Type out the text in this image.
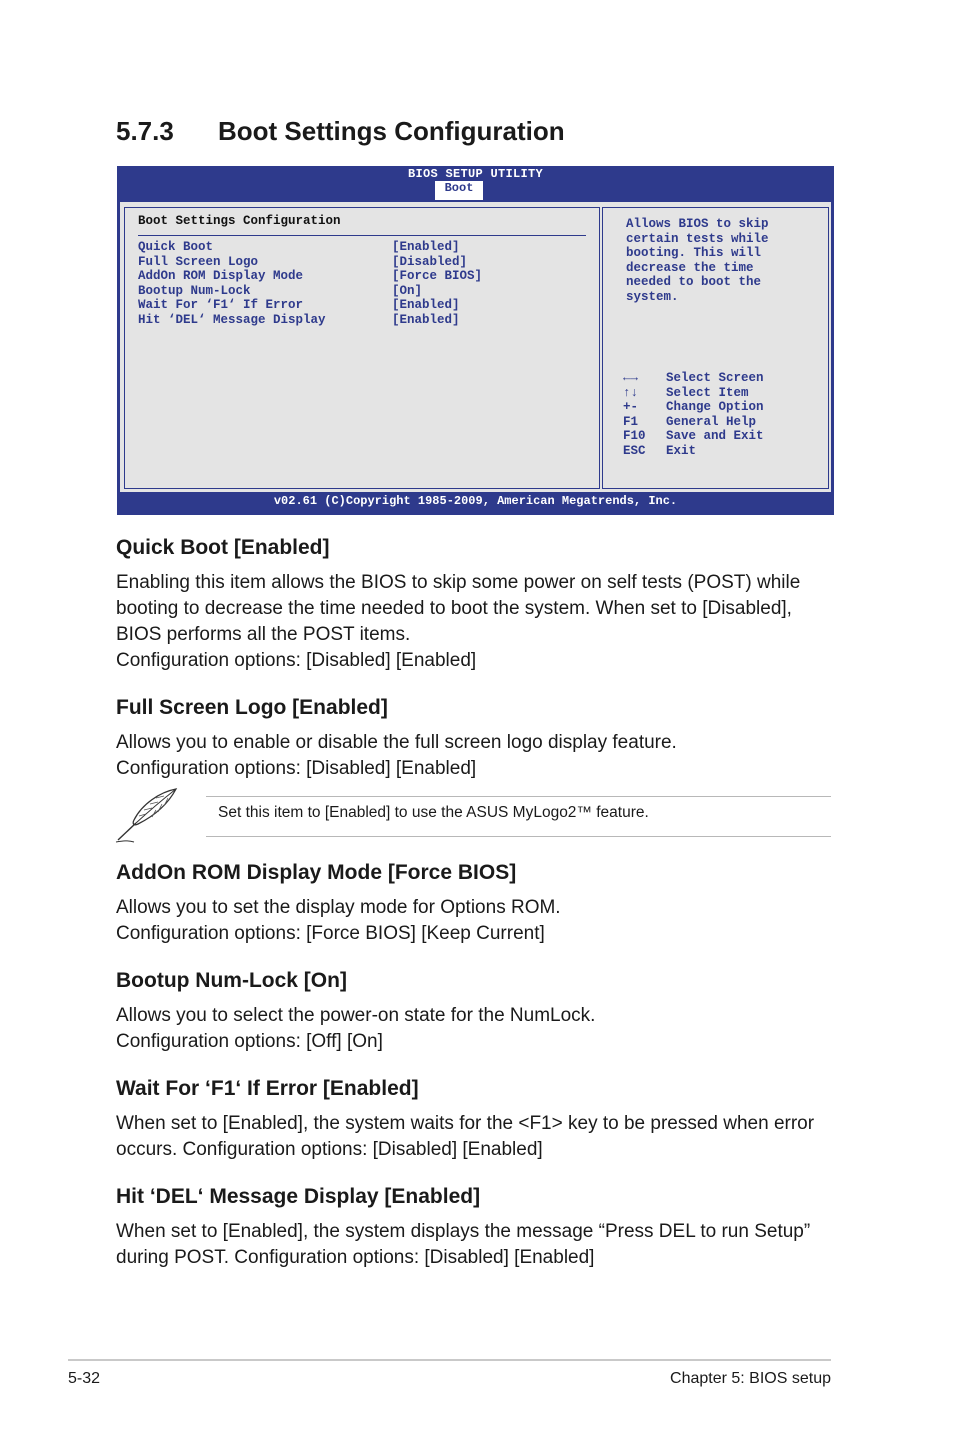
5.7.3 Boot Settings Configuration
BIOS SETUP UTILITY
Boot
Boot Settings Configuration
Quick Boot	[Enabled]
Full Screen Logo	[Disabled]
AddOn ROM Display Mode	[Force BIOS]
Bootup Num-Lock	[On]
Wait For ‘F1‘ If Error	[Enabled]
Hit ‘DEL‘ Message Display	[Enabled]
Allows BIOS to skip
certain tests while
booting. This will
decrease the time
needed to boot the
system.
←→ Select Screen
↑↓ Select Item
+- Change Option
F1 General Help
F10 Save and Exit
ESC Exit
v02.61 (C)Copyright 1985-2009, American Megatrends, Inc.
Quick Boot [Enabled]
Enabling this item allows the BIOS to skip some power on self tests (POST) while
booting to decrease the time needed to boot the system. When set to [Disabled],
BIOS performs all the POST items.
Configuration options: [Disabled] [Enabled]
Full Screen Logo [Enabled]
Allows you to enable or disable the full screen logo display feature.
Configuration options: [Disabled] [Enabled]
Set this item to [Enabled] to use the ASUS MyLogo2™ feature.
AddOn ROM Display Mode [Force BIOS]
Allows you to set the display mode for Options ROM.
Configuration options: [Force BIOS] [Keep Current]
Bootup Num-Lock [On]
Allows you to select the power-on state for the NumLock.
Configuration options: [Off] [On]
Wait For ‘F1‘ If Error [Enabled]
When set to [Enabled], the system waits for the <F1> key to be pressed when error
occurs. Configuration options: [Disabled] [Enabled]
Hit ‘DEL‘ Message Display [Enabled]
When set to [Enabled], the system displays the message “Press DEL to run Setup”
during POST. Configuration options: [Disabled] [Enabled]
5-32	Chapter 5: BIOS setup
